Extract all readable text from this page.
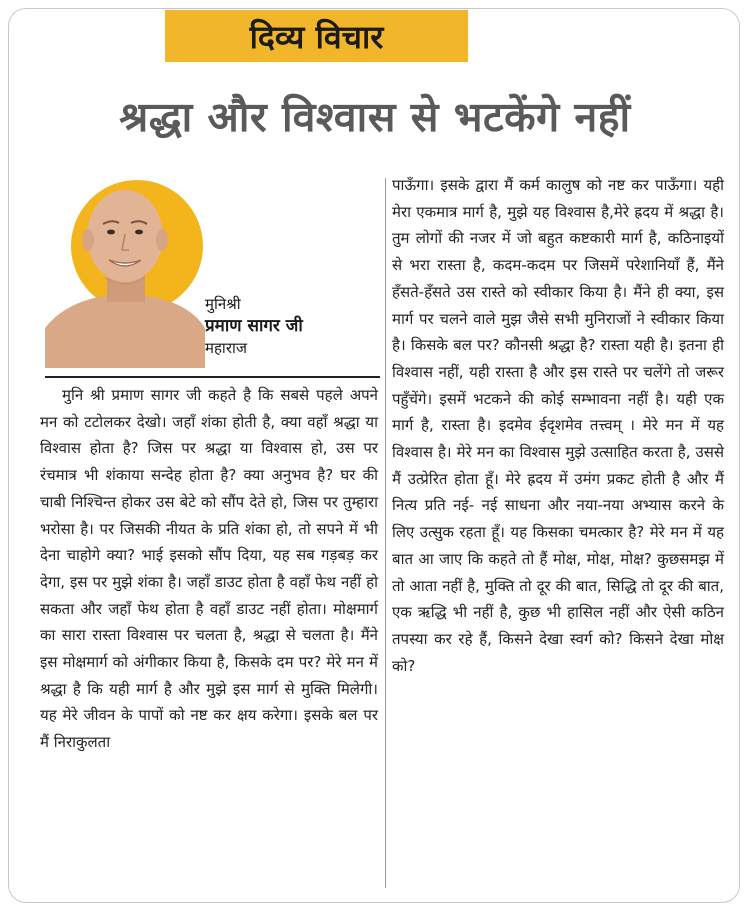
दिव्य विचार
श्रद्धा और विश्वास से भटकेंगे नहीं
मुनिश्री
प्रमाण सागर जी
महाराज

मुनि श्री प्रमाण सागर जी कहते है कि सबसे पहले अपने मन को टटोलकर देखो। जहाँ शंका होती है, क्या वहाँ श्रद्धा या विश्वास होता है? जिस पर श्रद्धा या विश्वास हो, उस पर रंचमात्र भी शंकाया सन्देह होता है? क्या अनुभव है? घर की चाबी निश्चिन्त होकर उस बेटे को सौंप देते हो, जिस पर तुम्हारा भरोसा है। पर जिसकी नीयत के प्रति शंका हो, तो सपने में भी देना चाहोगे क्या? भाई इसको सौंप दिया, यह सब गड़बड़ कर देगा, इस पर मुझे शंका है। जहाँ डाउट होता है वहाँ फेथ नहीं हो सकता और जहाँ फेथ होता है वहाँ डाउट नहीं होता। मोक्षमार्ग का सारा रास्ता विश्वास पर चलता है, श्रद्धा से चलता है। मैंने इस मोक्षमार्ग को अंगीकार किया है, किसके दम पर? मेरे मन में श्रद्धा है कि यही मार्ग है और मुझे इस मार्ग से मुक्ति मिलेगी। यह मेरे जीवन के पापों को नष्ट कर क्षय करेगा। इसके बल पर मैं निराकुलता

पाऊँगा। इसके द्वारा मैं कर्म कालुष को नष्ट कर पाऊँगा। यही मेरा एकमात्र मार्ग है, मुझे यह विश्वास है,मेरे ह्रदय में श्रद्धा है। तुम लोगों की नजर में जो बहुत कष्टकारी मार्ग है, कठिनाइयों से भरा रास्ता है, कदम-कदम पर जिसमें परेशानियाँ हैं, मैंने हँसते-हँसते उस रास्ते को स्वीकार किया है। मैंने ही क्या, इस मार्ग पर चलने वाले मुझ जैसे सभी मुनिराजों ने स्वीकार किया है। किसके बल पर? कौनसी श्रद्धा है? रास्ता यही है। इतना ही विश्वास नहीं, यही रास्ता है और इस रास्ते पर चलेंगे तो जरूर पहुँचेंगे। इसमें भटकने की कोई सम्भावना नहीं है। यही एक मार्ग है, रास्ता है। इदमेव ईदृशमेव तत्त्वम् । मेरे मन में यह विश्वास है। मेरे मन का विश्वास मुझे उत्साहित करता है, उससे मैं उत्प्रेरित होता हूँ। मेरे ह्रदय में उमंग प्रकट होती है और मैं नित्य प्रति नई- नई साधना और नया-नया अभ्यास करने के लिए उत्सुक रहता हूँ। यह किसका चमत्कार है? मेरे मन में यह बात आ जाए कि कहते तो हैं मोक्ष, मोक्ष, मोक्ष? कुछसमझ में तो आता नहीं है, मुक्ति तो दूर की बात, सिद्धि तो दूर की बात, एक ऋद्धि भी नहीं है, कुछ भी हासिल नहीं और ऐसी कठिन तपस्या कर रहे हैं, किसने देखा स्वर्ग को? किसने देखा मोक्ष को?
